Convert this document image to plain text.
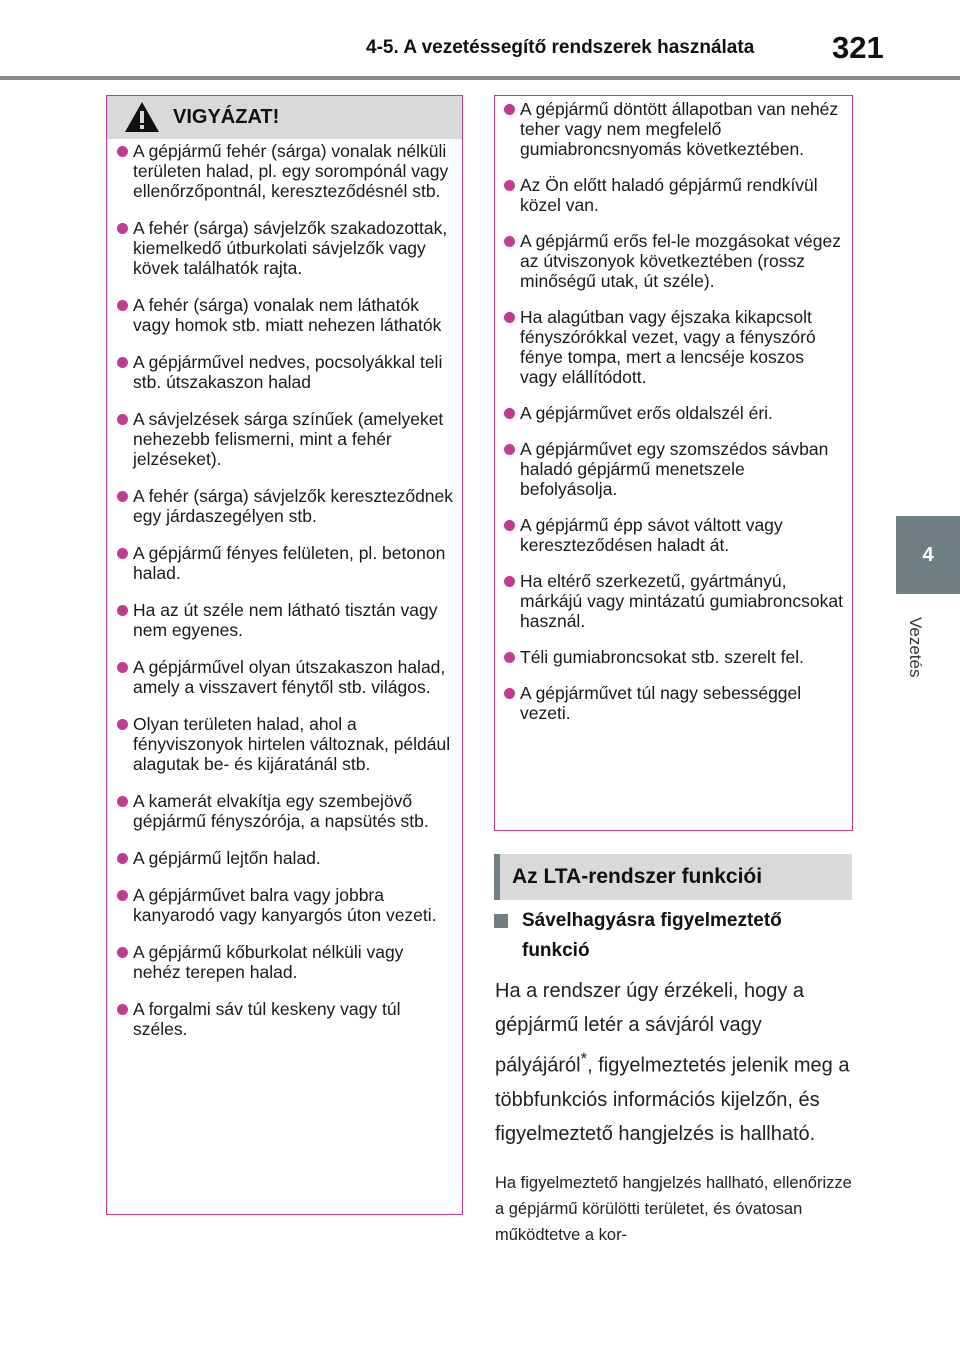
4-5. A vezetéssegítő rendszerek használata	321
4
Vezetés
VIGYÁZAT!
A gépjármű fehér (sárga) vonalak nélküli területen halad, pl. egy sorompónál vagy ellenőrzőpontnál, kereszteződésnél stb.
A fehér (sárga) sávjelzők szakadozottak, kiemelkedő útburkolati sávjelzők vagy kövek találhatók rajta.
A fehér (sárga) vonalak nem láthatók vagy homok stb. miatt nehezen láthatók
A gépjárművel nedves, pocsolyákkal teli stb. útszakaszon halad
A sávjelzések sárga színűek (amelyeket nehezebb felismerni, mint a fehér jelzéseket).
A fehér (sárga) sávjelzők kereszteződnek egy járdaszegélyen stb.
A gépjármű fényes felületen, pl. betonon halad.
Ha az út széle nem látható tisztán vagy nem egyenes.
A gépjárművel olyan útszakaszon halad, amely a visszavert fénytől stb. világos.
Olyan területen halad, ahol a fényviszonyok hirtelen változnak, például alagutak be- és kijáratánál stb.
A kamerát elvakítja egy szembejövő gépjármű fényszórója, a napsütés stb.
A gépjármű lejtőn halad.
A gépjárművet balra vagy jobbra kanyarodó vagy kanyargós úton vezeti.
A gépjármű kőburkolat nélküli vagy nehéz terepen halad.
A forgalmi sáv túl keskeny vagy túl széles.
A gépjármű döntött állapotban van nehéz teher vagy nem megfelelő gumiabroncsnyomás következtében.
Az Ön előtt haladó gépjármű rendkívül közel van.
A gépjármű erős fel-le mozgásokat végez az útviszonyok következtében (rossz minőségű utak, út széle).
Ha alagútban vagy éjszaka kikapcsolt fényszórókkal vezet, vagy a fényszóró fénye tompa, mert a lencséje koszos vagy elállítódott.
A gépjárművet erős oldalszél éri.
A gépjárművet egy szomszédos sávban haladó gépjármű menetszele befolyásolja.
A gépjármű épp sávot váltott vagy kereszteződésen haladt át.
Ha eltérő szerkezetű, gyártmányú, márkájú vagy mintázatú gumiabroncsokat használ.
Téli gumiabroncsokat stb. szerelt fel.
A gépjárművet túl nagy sebességgel vezeti.
Az LTA-rendszer funkciói
Sávelhagyásra figyelmeztető funkció
Ha a rendszer úgy érzékeli, hogy a gépjármű letér a sávjáról vagy pályájáról*, figyelmeztetés jelenik meg a többfunkciós információs kijelzőn, és figyelmeztető hangjelzés is hallható.
Ha figyelmeztető hangjelzés hallható, ellenőrizze a gépjármű körülötti területet, és óvatosan működtetve a kor-
